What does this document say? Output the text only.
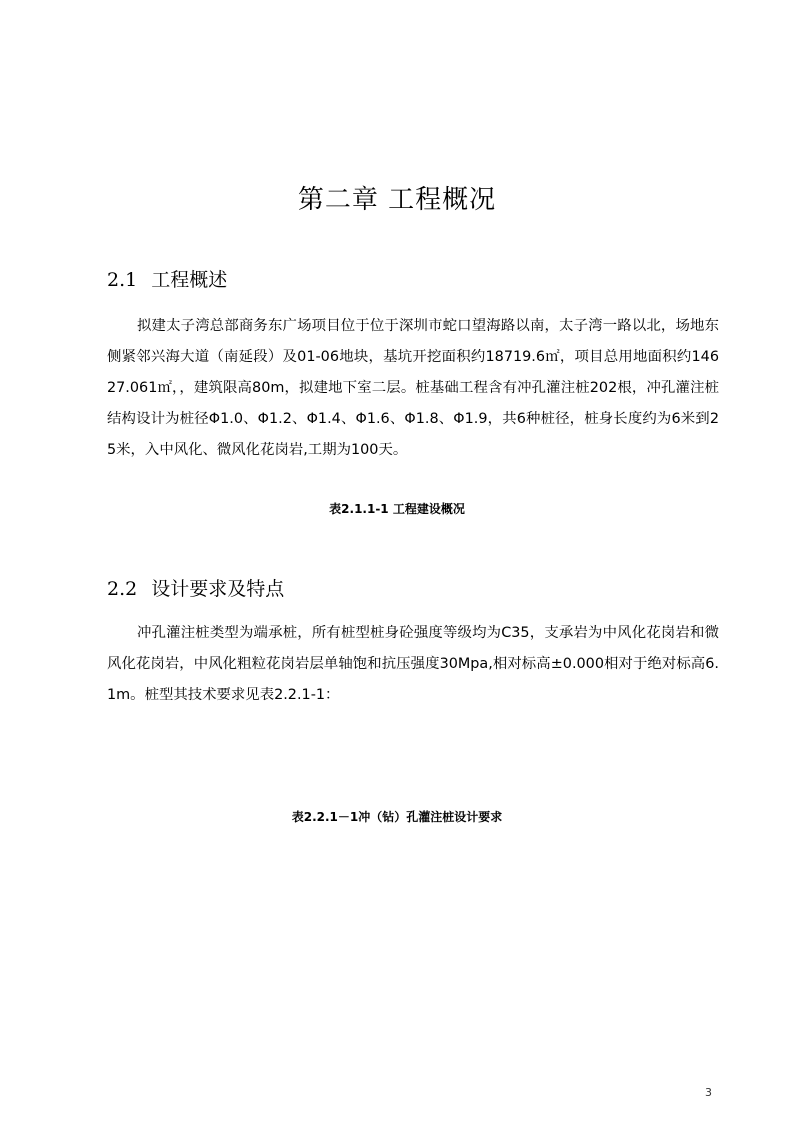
第二章 工程概况
2.1 工程概述

拟建太子湾总部商务东广场项目位于位于深圳市蛇口望海路以南，太子湾一路以北，场地东侧紧邻兴海大道（南延段）及01-06地块，基坑开挖面积约18719.6㎡，项目总用地面积约14627.061㎡，，建筑限高80m，拟建地下室二层。桩基础工程含有冲孔灌注桩202根，冲孔灌注桩结构设计为桩径Φ1.0、Φ1.2、Φ1.4、Φ1.6、Φ1.8、Φ1.9，共6种桩径，桩身长度约为6米到25米，入中风化、微风化花岗岩,工期为100天。

表2.1.1-1 工程建设概况

2.2 设计要求及特点

冲孔灌注桩类型为端承桩，所有桩型桩身砼强度等级均为C35，支承岩为中风化花岗岩和微风化花岗岩，中风化粗粒花岗岩层单轴饱和抗压强度30Mpa,相对标高±0.000相对于绝对标高6.1m。桩型其技术要求见表2.2.1-1：

表2.2.1－1冲（钻）孔灌注桩设计要求

3
